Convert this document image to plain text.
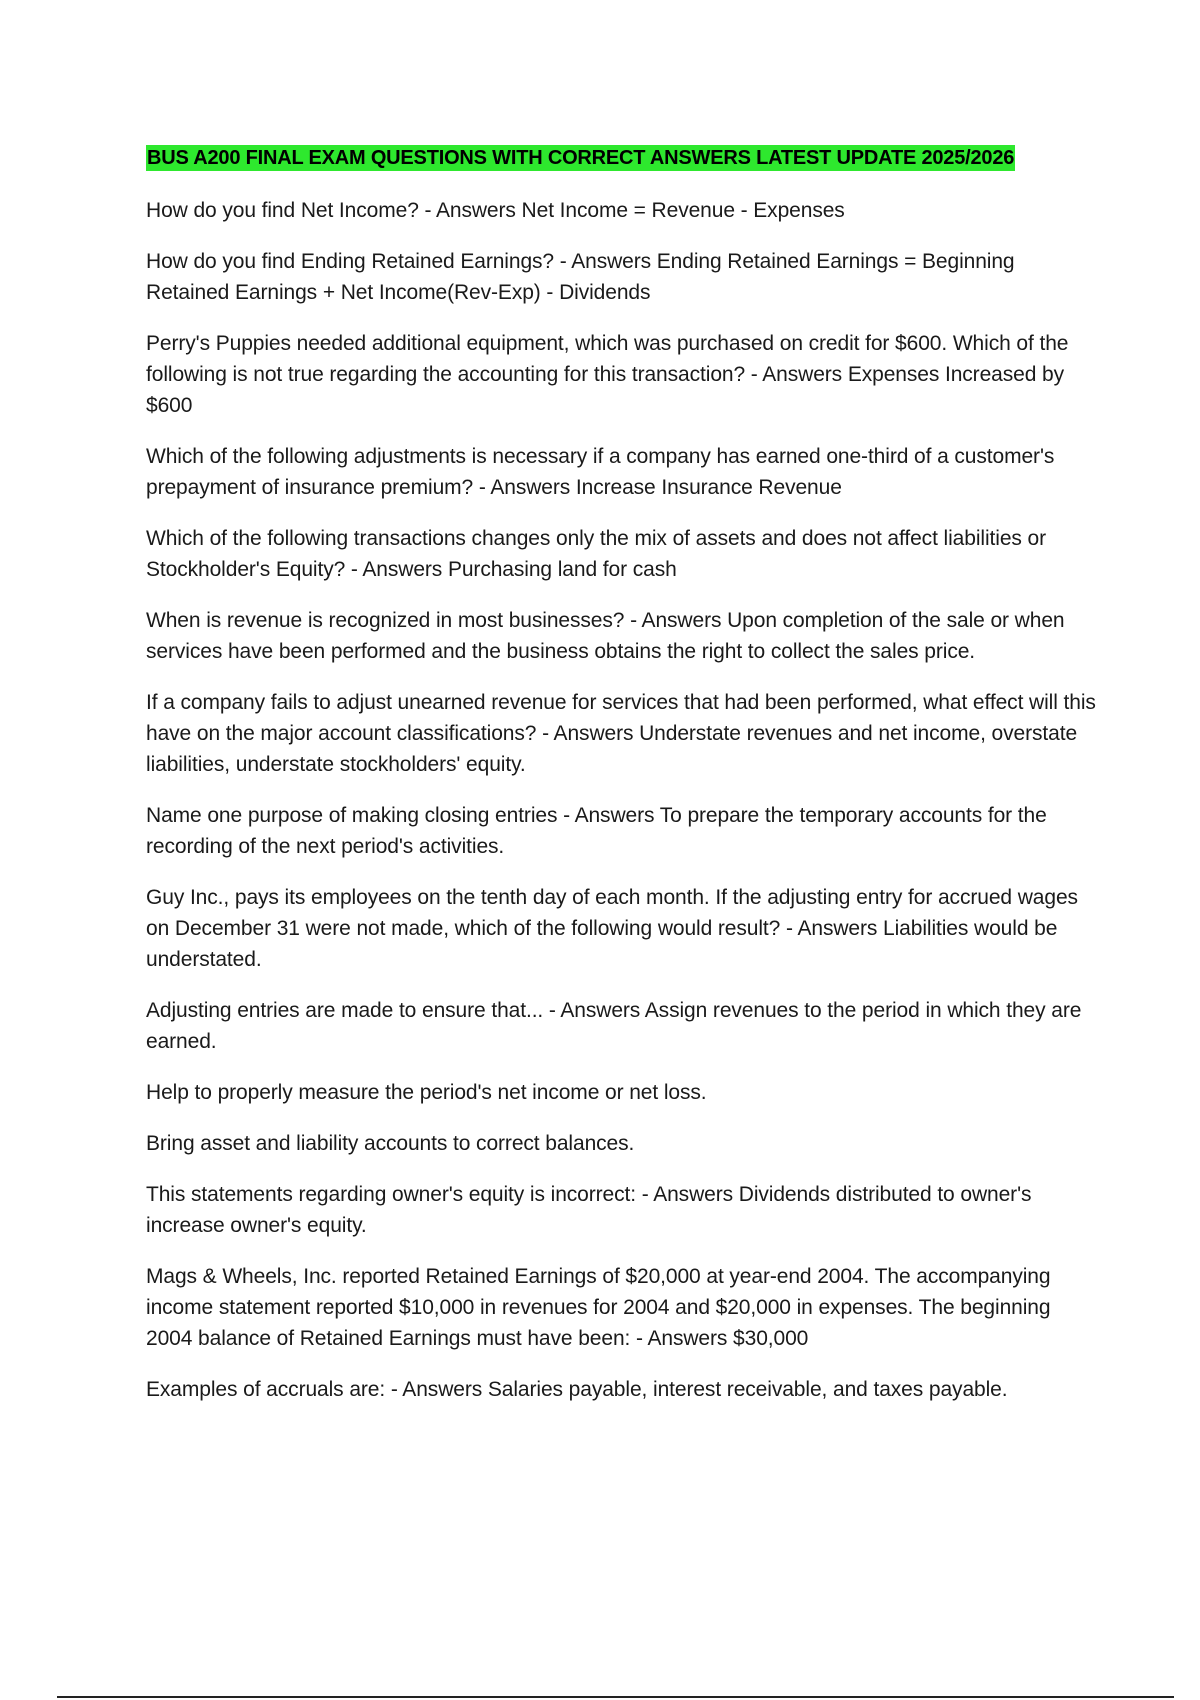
BUS A200 FINAL EXAM QUESTIONS WITH CORRECT ANSWERS LATEST UPDATE 2025/2026

How do you find Net Income? - Answers Net Income = Revenue - Expenses

How do you find Ending Retained Earnings? - Answers Ending Retained Earnings = Beginning Retained Earnings + Net Income(Rev-Exp) - Dividends

Perry's Puppies needed additional equipment, which was purchased on credit for $600. Which of the following is not true regarding the accounting for this transaction? - Answers Expenses Increased by $600

Which of the following adjustments is necessary if a company has earned one-third of a customer's prepayment of insurance premium? - Answers Increase Insurance Revenue

Which of the following transactions changes only the mix of assets and does not affect liabilities or Stockholder's Equity? - Answers Purchasing land for cash

When is revenue is recognized in most businesses? - Answers Upon completion of the sale or when services have been performed and the business obtains the right to collect the sales price.

If a company fails to adjust unearned revenue for services that had been performed, what effect will this have on the major account classifications? - Answers Understate revenues and net income, overstate liabilities, understate stockholders' equity.

Name one purpose of making closing entries - Answers To prepare the temporary accounts for the recording of the next period's activities.

Guy Inc., pays its employees on the tenth day of each month. If the adjusting entry for accrued wages on December 31 were not made, which of the following would result? - Answers Liabilities would be understated.

Adjusting entries are made to ensure that... - Answers Assign revenues to the period in which they are earned.

Help to properly measure the period's net income or net loss.

Bring asset and liability accounts to correct balances.

This statements regarding owner's equity is incorrect: - Answers Dividends distributed to owner's increase owner's equity.

Mags & Wheels, Inc. reported Retained Earnings of $20,000 at year-end 2004. The accompanying income statement reported $10,000 in revenues for 2004 and $20,000 in expenses. The beginning 2004 balance of Retained Earnings must have been: - Answers $30,000

Examples of accruals are: - Answers Salaries payable, interest receivable, and taxes payable.
